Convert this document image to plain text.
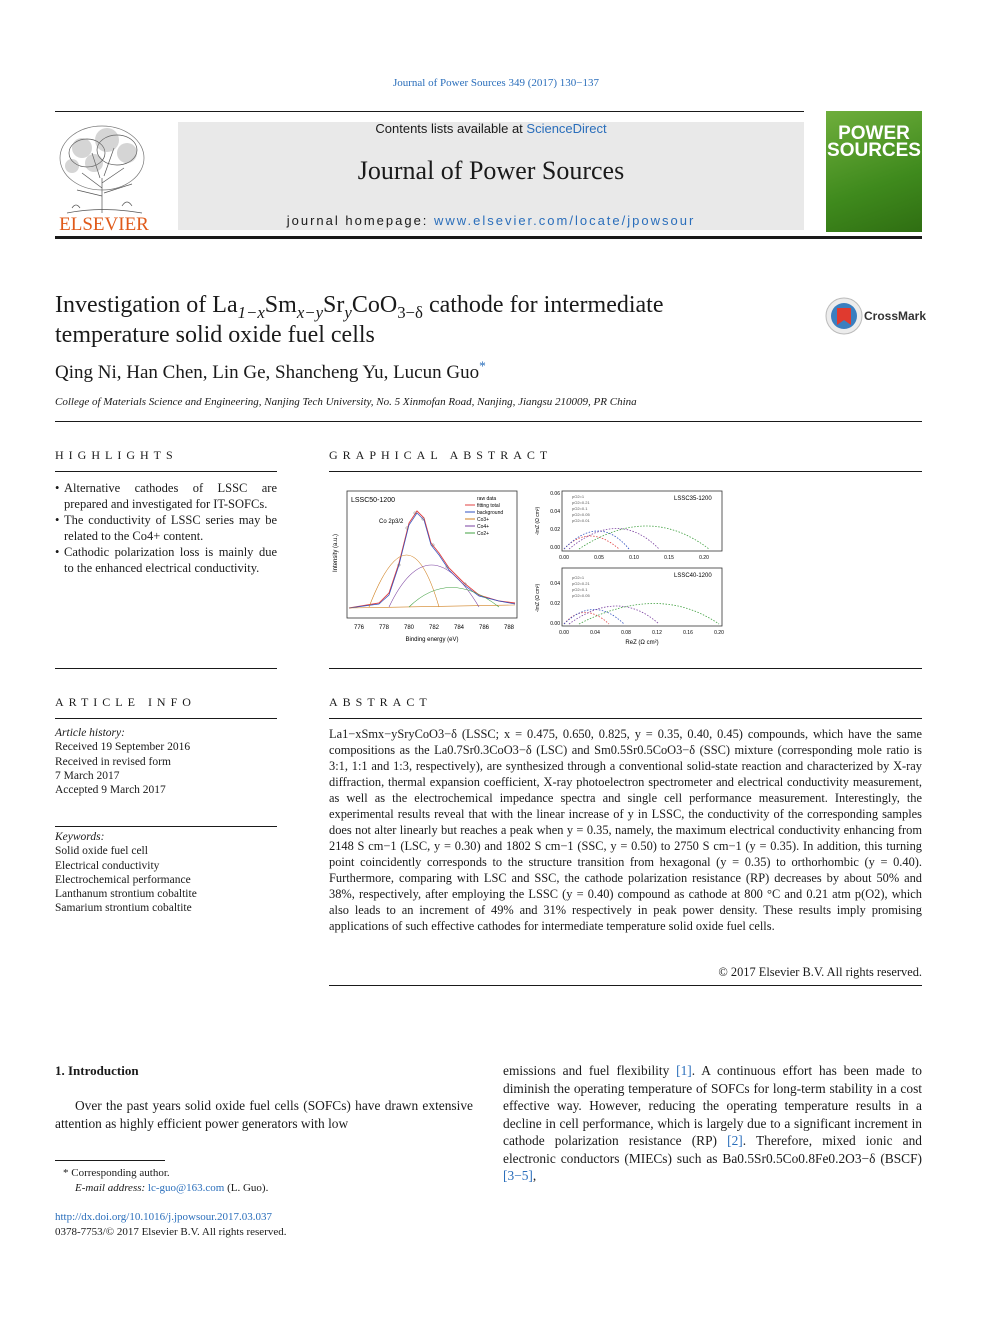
Journal of Power Sources 349 (2017) 130−137
ELSEVIER
Contents lists available at ScienceDirect
Journal of Power Sources
journal homepage: www.elsevier.com/locate/jpowsour
POWER
SOURCES
Investigation of $La_{1-x}Sm_{x-y}Sr_yCoO_{3-\delta}$ cathode for intermediate
temperature solid oxide fuel cells
CrossMark
Qing Ni, Han Chen, Lin Ge, Shancheng Yu, Lucun Guo*
College of Materials Science and Engineering, Nanjing Tech University, No. 5 Xinmofan Road, Nanjing, Jiangsu 210009, PR China
HIGHLIGHTS

• Alternative cathodes of LSSC are prepared and investigated for IT-SOFCs.

• The conductivity of LSSC series may be related to the Co4+ content.

• Cathodic polarization loss is mainly due to the enhanced electrical conductivity.

GRAPHICAL ABSTRACT
LSSC50-1200
Co 2p3/2
raw data
fitting total
background
Co3+
Co4+
Co2+
Intensity (a.u.)
776 778 780 782 784 786 788
Binding energy (eV)
LSSC35-1200
pO2=1
pO2=0.21
pO2=0.1
pO2=0.05
pO2=0.01
0.00	0.05	0.10	0.15	0.20
0.06
0.04
0.02
0.00
-ImZ (Ω cm²)
LSSC40-1200
pO2=1
pO2=0.21
pO2=0.1
pO2=0.05
0.00	0.04	0.08	0.12	0.16	0.20
0.04
0.02
0.00
-ImZ (Ω cm²)
ReZ (Ω cm²)
ARTICLE INFO
Article history:
Received 19 September 2016
Received in revised form
7 March 2017
Accepted 9 March 2017
Keywords:
Solid oxide fuel cell
Electrical conductivity
Electrochemical performance
Lanthanum strontium cobaltite
Samarium strontium cobaltite
ABSTRACT
La1−xSmx−ySryCoO3−δ (LSSC; x = 0.475, 0.650, 0.825, y = 0.35, 0.40, 0.45) compounds, which have the same compositions as the La0.7Sr0.3CoO3−δ (LSC) and Sm0.5Sr0.5CoO3−δ (SSC) mixture (corresponding mole ratio is 3:1, 1:1 and 1:3, respectively), are synthesized through a conventional solid-state reaction and characterized by X-ray diffraction, thermal expansion coefficient, X-ray photoelectron spectrometer and electrical conductivity measurement, as well as the electrochemical impedance spectra and single cell performance measurement. Interestingly, the experimental results reveal that with the linear increase of y in LSSC, the conductivity of the corresponding samples does not alter linearly but reaches a peak when y = 0.35, namely, the maximum electrical conductivity enhancing from 2148 S cm−1 (LSC, y = 0.30) and 1802 S cm−1 (SSC, y = 0.50) to 2750 S cm−1 (y = 0.35). In addition, this turning point coincidently corresponds to the structure transition from hexagonal (y = 0.35) to orthorhombic (y = 0.40). Furthermore, comparing with LSC and SSC, the cathode polarization resistance (RP) decreases by about 50% and 38%, respectively, after employing the LSSC (y = 0.40) compound as cathode at 800 °C and 0.21 atm p(O2), which also leads to an increment of 49% and 31% respectively in peak power density. These results imply promising applications of such effective cathodes for intermediate temperature solid oxide fuel cells.
© 2017 Elsevier B.V. All rights reserved.
1. Introduction
Over the past years solid oxide fuel cells (SOFCs) have drawn extensive attention as highly efficient power generators with low
emissions and fuel flexibility [1]. A continuous effort has been made to diminish the operating temperature of SOFCs for long-term stability in a cost effective way. However, reducing the operating temperature results in a decline in cell performance, which is largely due to a significant increment in cathode polarization resistance (RP) [2]. Therefore, mixed ionic and electronic conductors (MIECs) such as Ba0.5Sr0.5Co0.8Fe0.2O3−δ (BSCF) [3−5],
* Corresponding author.
E-mail address: lc-guo@163.com (L. Guo).
http://dx.doi.org/10.1016/j.jpowsour.2017.03.037
0378-7753/© 2017 Elsevier B.V. All rights reserved.
